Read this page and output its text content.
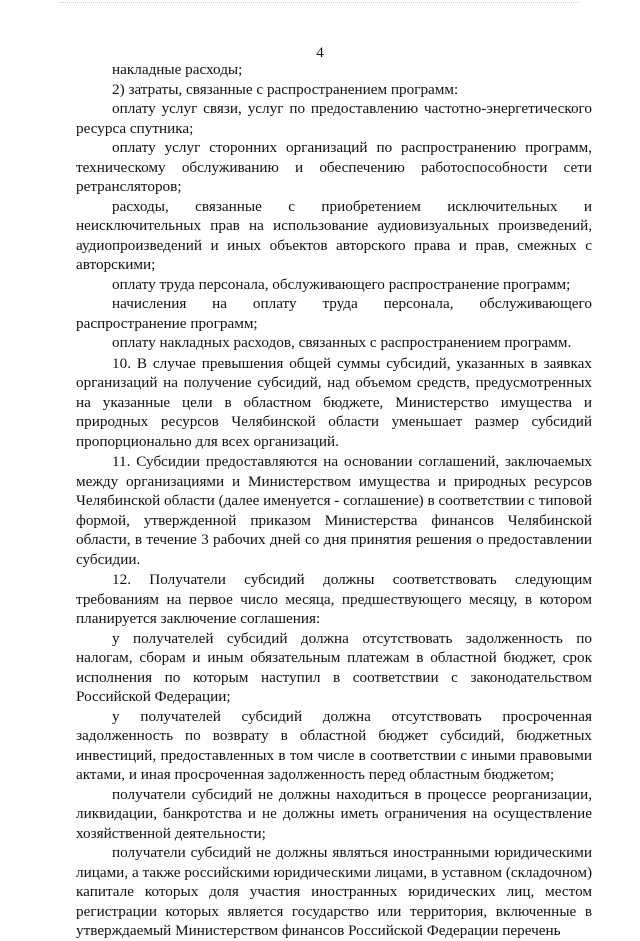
4

накладные расходы;

2) затраты, связанные с распространением программ:

оплату услуг связи, услуг по предоставлению частотно-энергетического ресурса спутника;

оплату услуг сторонних организаций по распространению программ, техническому обслуживанию и обеспечению работоспособности сети ретрансляторов;

расходы, связанные с приобретением исключительных и неисключительных прав на использование аудиовизуальных произведений, аудиопроизведений и иных объектов авторского права и прав, смежных с авторскими;

оплату труда персонала, обслуживающего распространение программ;

начисления на оплату труда персонала, обслуживающего распространение программ;

оплату накладных расходов, связанных с распространением программ.

10. В случае превышения общей суммы субсидий, указанных в заявках организаций на получение субсидий, над объемом средств, предусмотренных на указанные цели в областном бюджете, Министерство имущества и природных ресурсов Челябинской области уменьшает размер субсидий пропорционально для всех организаций.

11. Субсидии предоставляются на основании соглашений, заключаемых между организациями и Министерством имущества и природных ресурсов Челябинской области (далее именуется - соглашение) в соответствии с типовой формой, утвержденной приказом Министерства финансов Челябинской области, в течение 3 рабочих дней со дня принятия решения о предоставлении субсидии.

12. Получатели субсидий должны соответствовать следующим требованиям на первое число месяца, предшествующего месяцу, в котором планируется заключение соглашения:

у получателей субсидий должна отсутствовать задолженность по налогам, сборам и иным обязательным платежам в областной бюджет, срок исполнения по которым наступил в соответствии с законодательством Российской Федерации;

у получателей субсидий должна отсутствовать просроченная задолженность по возврату в областной бюджет субсидий, бюджетных инвестиций, предоставленных в том числе в соответствии с иными правовыми актами, и иная просроченная задолженность перед областным бюджетом;

получатели субсидий не должны находиться в процессе реорганизации, ликвидации, банкротства и не должны иметь ограничения на осуществление хозяйственной деятельности;

получатели субсидий не должны являться иностранными юридическими лицами, а также российскими юридическими лицами, в уставном (складочном) капитале которых доля участия иностранных юридических лиц, местом регистрации которых является государство или территория, включенные в утверждаемый Министерством финансов Российской Федерации перечень
